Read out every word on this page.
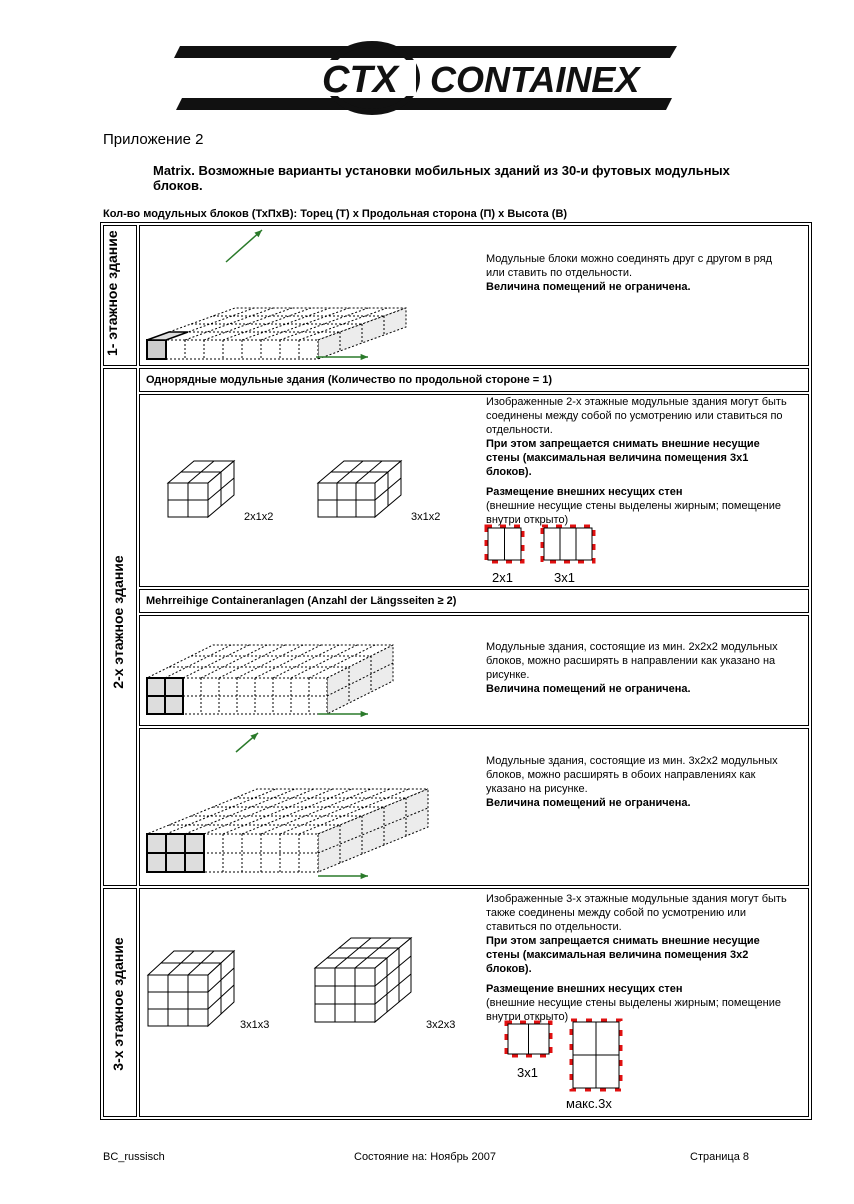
CTX CONTAINEX
Приложение 2
Matrix. Возможные варианты установки мобильных зданий из 30-и футовых модульных блоков.
Кол-во модульных блоков (ТхПхВ): Торец (Т) х Продольная сторона (П) х Высота (В)
1- этажное здание	Модульные блоки можно соединять друг с другом в ряд или ставить по отдельности.
Величина помещений не ограничена.
2-х этажное здание
Однорядные модульные здания (Количество по продольной стороне = 1)
Изображенные 2-х этажные модульные здания могут быть соединены между собой по усмотрению или ставиться по отдельности.
При этом запрещается снимать внешние несущие стены (максимальная величина помещения 3x1 блоков).

Размещение внешних несущих стен
(внешние несущие стены выделены жирным; помещение внутри открыто)
2x1x2	3x1x2
2x1	3x1
Mehrreihige Containeranlagen (Anzahl der Längsseiten ≥ 2)
Модульные здания, состоящие из мин. 2x2x2 модульных блоков, можно расширять в направлении как указано на рисунке.
Величина помещений не ограничена.
Модульные здания, состоящие из мин. 3x2x2 модульных блоков, можно расширять в обоих направлениях как указано на рисунке.
Величина помещений не ограничена.
3-х этажное здание
Изображенные 3-х этажные модульные здания могут быть также соединены между собой по усмотрению или ставиться по отдельности.
При этом запрещается снимать внешние несущие стены (максимальная величина помещения 3x2 блоков).

Размещение внешних несущих стен
(внешние несущие стены выделены жирным; помещение внутри открыто)
3x1x3	3x2x3
3x1
макс.3x
BC_russisch	Состояние на: Ноябрь 2007	Страница 8
